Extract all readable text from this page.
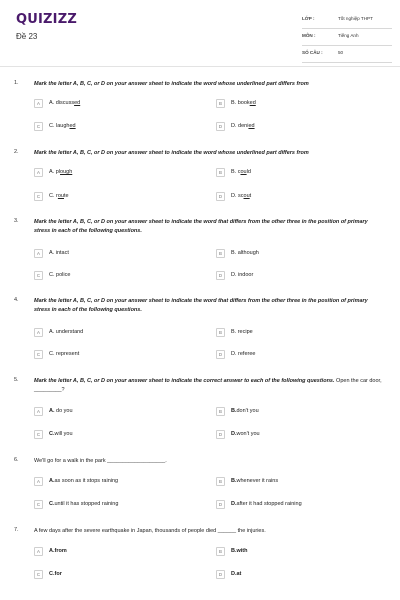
QUIZIZZ
Đề 23
LỚP :	Tốt nghiệp THPT
MÔN :	Tiếng Anh
SỐ CÂU :	50
1.	Mark the letter A, B, C, or D on your answer sheet to indicate the word whose underlined part differs from
A	A. discussed	B	B. booked
C	C. laughed	D	D. denied
2.	Mark the letter A, B, C, or D on your answer sheet to indicate the word whose underlined part differs from
A	A. plough	B	B. could
C	C. route	D	D. scout
3.	Mark the letter A, B, C, or D on your answer sheet to indicate the word that differs from the other three in the position of primary stress in each of the following questions.
A	A. intact	B	B. although
C	C. police	D	D. indoor
4.	Mark the letter A, B, C, or D on your answer sheet to indicate the word that differs from the other three in the position of primary stress in each of the following questions.
A	A. understand	B	B. recipe
C	C. represent	D	D. referee
5.	Mark the letter A, B, C, or D on your answer sheet to indicate the correct answer to each of the following questions. Open the car door, _________?
A	A. do you	B	B.don't you
C	C.will you	D	D.won't you
6.	We'll go for a walk in the park ___________________.
A	A.as soon as it stops raining	B	B.whenever it rains
C	C.until it has stopped raining	D	D.after it had stopped raining
7.	A few days after the severe earthquake in Japan, thousands of people died ______ the injuries.
A	A.from	B	B.with
C	C.for	D	D.at
